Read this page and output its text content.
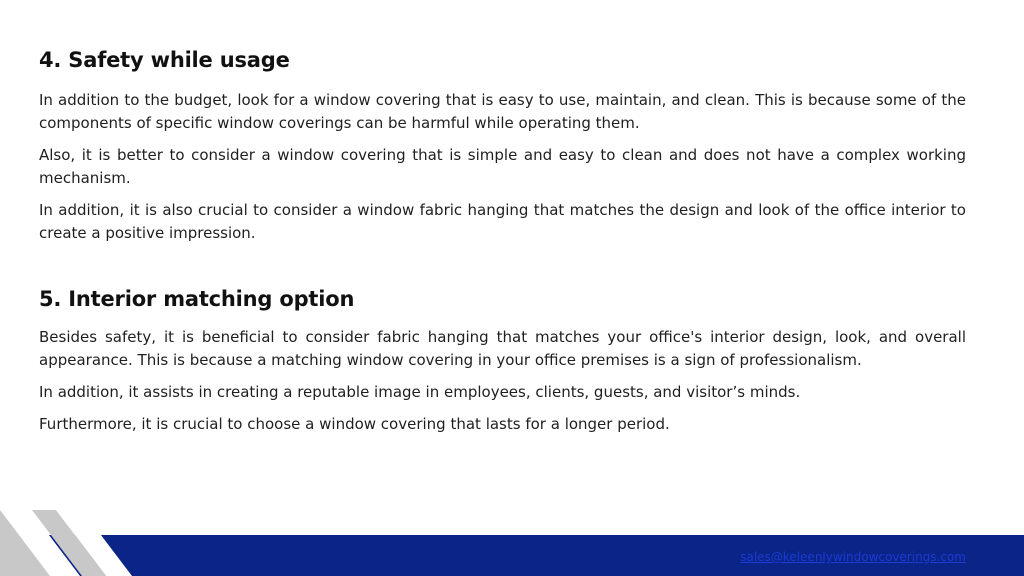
4. Safety while usage

In addition to the budget, look for a window covering that is easy to use, maintain, and clean. This is because some of the components of specific window coverings can be harmful while operating them.

Also, it is better to consider a window covering that is simple and easy to clean and does not have a complex working mechanism.

In addition, it is also crucial to consider a window fabric hanging that matches the design and look of the office interior to create a positive impression.

5. Interior matching option

Besides safety, it is beneficial to consider fabric hanging that matches your office's interior design, look, and overall appearance. This is because a matching window covering in your office premises is a sign of professionalism.

In addition, it assists in creating a reputable image in employees, clients, guests, and visitor’s minds.

Furthermore, it is crucial to choose a window covering that lasts for a longer period.

sales@keleenlywindowcoverings.com
